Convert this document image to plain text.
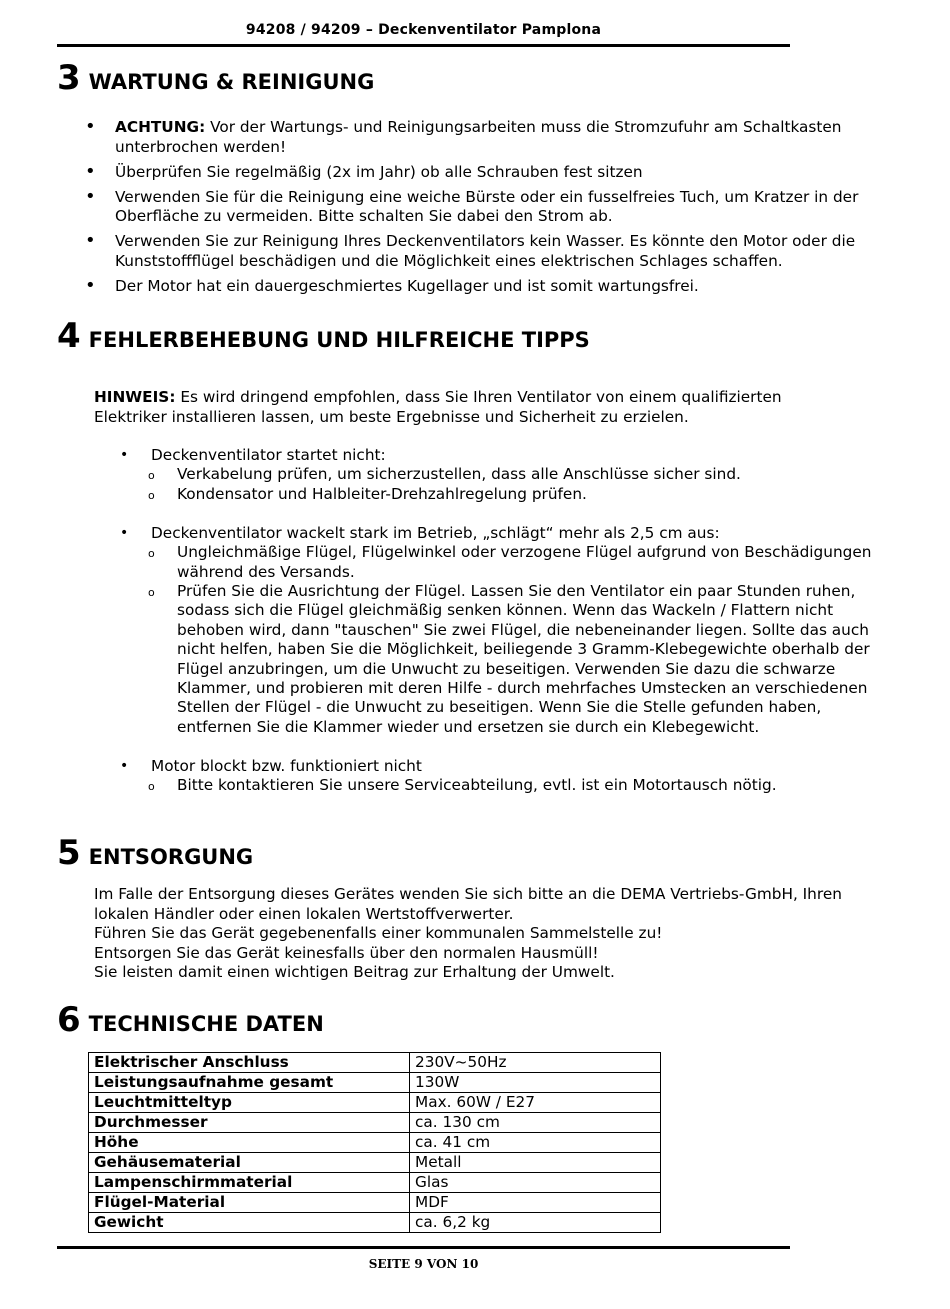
94208 / 94209 – Deckenventilator Pamplona
3 WARTUNG & REINIGUNG
• ACHTUNG: Vor der Wartungs- und Reinigungsarbeiten muss die Stromzufuhr am Schaltkasten unterbrochen werden!
• Überprüfen Sie regelmäßig (2x im Jahr) ob alle Schrauben fest sitzen
• Verwenden Sie für die Reinigung eine weiche Bürste oder ein fusselfreies Tuch, um Kratzer in der Oberfläche zu vermeiden. Bitte schalten Sie dabei den Strom ab.
• Verwenden Sie zur Reinigung Ihres Deckenventilators kein Wasser. Es könnte den Motor oder die Kunststoffflügel beschädigen und die Möglichkeit eines elektrischen Schlages schaffen.
• Der Motor hat ein dauergeschmiertes Kugellager und ist somit wartungsfrei.
4 FEHLERBEHEBUNG UND HILFREICHE TIPPS
HINWEIS: Es wird dringend empfohlen, dass Sie Ihren Ventilator von einem qualifizierten Elektriker installieren lassen, um beste Ergebnisse und Sicherheit zu erzielen.
• Deckenventilator startet nicht:
o Verkabelung prüfen, um sicherzustellen, dass alle Anschlüsse sicher sind.
o Kondensator und Halbleiter-Drehzahlregelung prüfen.
• Deckenventilator wackelt stark im Betrieb, „schlägt“ mehr als 2,5 cm aus:
o Ungleichmäßige Flügel, Flügelwinkel oder verzogene Flügel aufgrund von Beschädigungen während des Versands.
o Prüfen Sie die Ausrichtung der Flügel. Lassen Sie den Ventilator ein paar Stunden ruhen, sodass sich die Flügel gleichmäßig senken können. Wenn das Wackeln / Flattern nicht behoben wird, dann "tauschen" Sie zwei Flügel, die nebeneinander liegen. Sollte das auch nicht helfen, haben Sie die Möglichkeit, beiliegende 3 Gramm-Klebegewichte oberhalb der Flügel anzubringen, um die Unwucht zu beseitigen. Verwenden Sie dazu die schwarze Klammer, und probieren mit deren Hilfe - durch mehrfaches Umstecken an verschiedenen Stellen der Flügel - die Unwucht zu beseitigen. Wenn Sie die Stelle gefunden haben, entfernen Sie die Klammer wieder und ersetzen sie durch ein Klebegewicht.
• Motor blockt bzw. funktioniert nicht
o Bitte kontaktieren Sie unsere Serviceabteilung, evtl. ist ein Motortausch nötig.
5 ENTSORGUNG
Im Falle der Entsorgung dieses Gerätes wenden Sie sich bitte an die DEMA Vertriebs-GmbH, Ihren lokalen Händler oder einen lokalen Wertstoffverwerter.
Führen Sie das Gerät gegebenenfalls einer kommunalen Sammelstelle zu!
Entsorgen Sie das Gerät keinesfalls über den normalen Hausmüll!
Sie leisten damit einen wichtigen Beitrag zur Erhaltung der Umwelt.
6 TECHNISCHE DATEN
Elektrischer Anschluss	230V~50Hz
Leistungsaufnahme gesamt	130W
Leuchtmitteltyp	Max. 60W / E27
Durchmesser	ca. 130 cm
Höhe	ca. 41 cm
Gehäusematerial	Metall
Lampenschirmmaterial	Glas
Flügel-Material	MDF
Gewicht	ca. 6,2 kg
SEITE 9 VON 10
